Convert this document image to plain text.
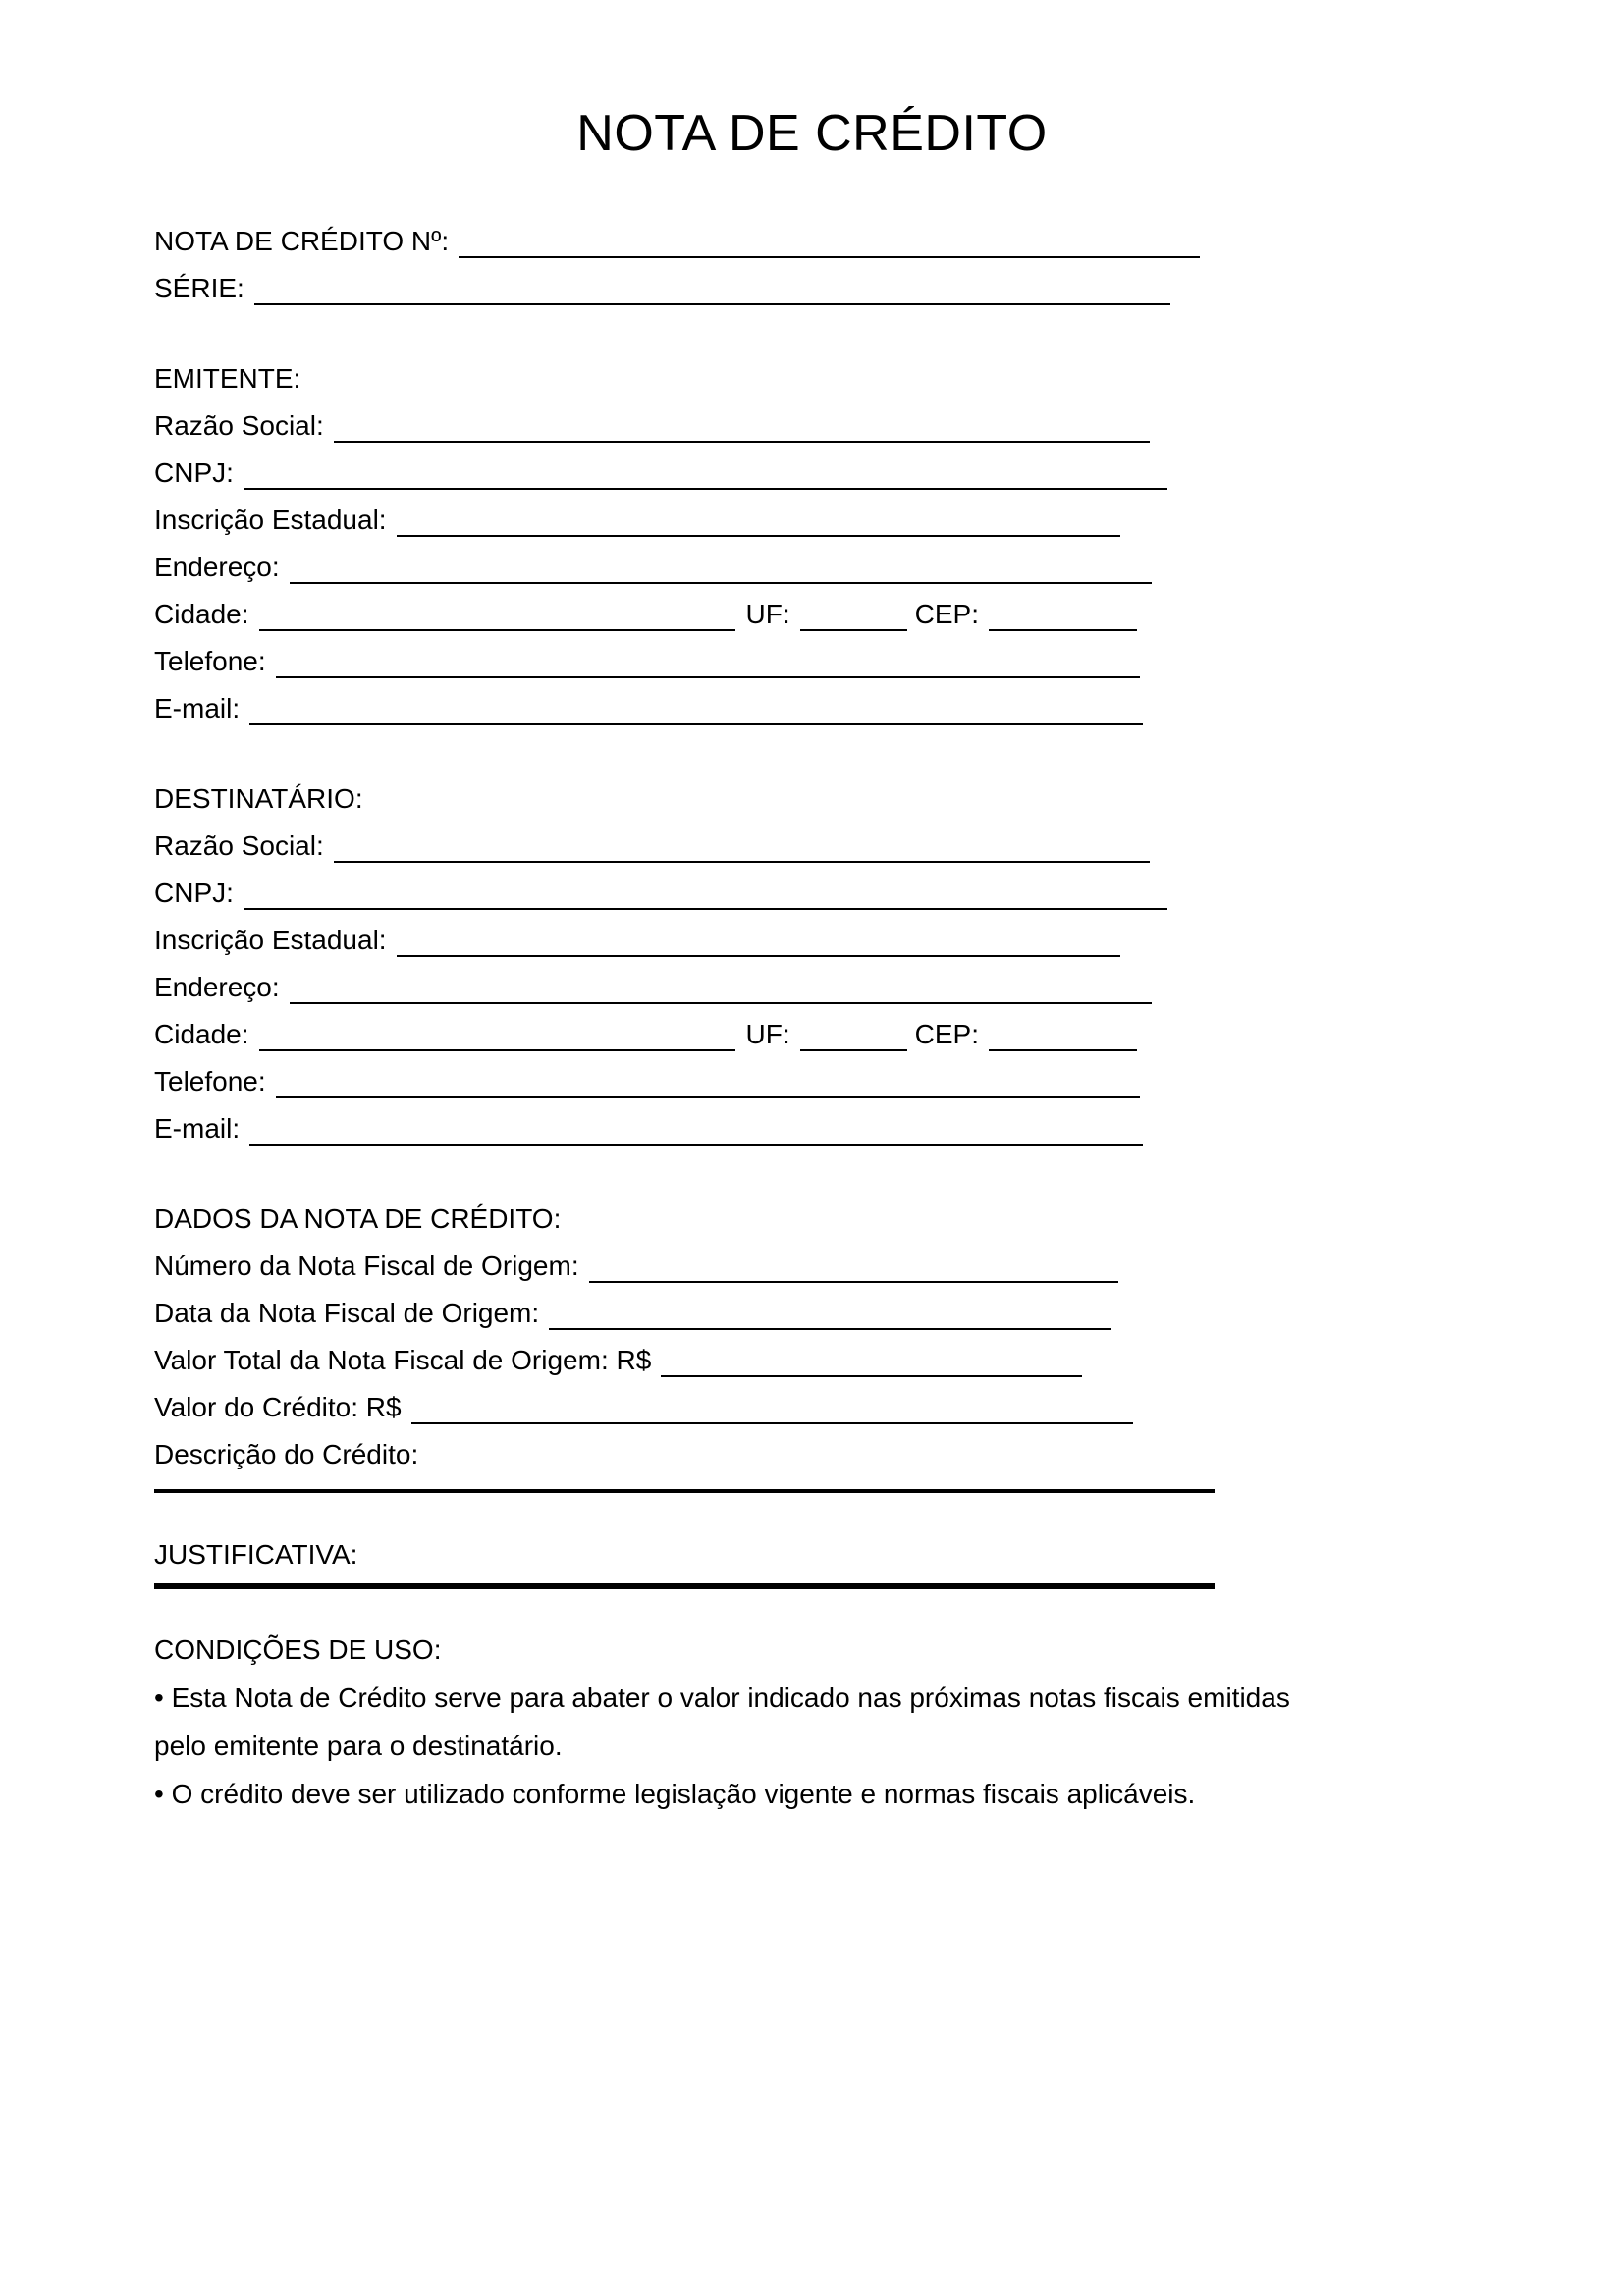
NOTA DE CRÉDITO
NOTA DE CRÉDITO Nº:
SÉRIE:
EMITENTE:
Razão Social:
CNPJ:
Inscrição Estadual:
Endereço:
Cidade:	UF:	CEP:
Telefone:
E-mail:
DESTINATÁRIO:
Razão Social:
CNPJ:
Inscrição Estadual:
Endereço:
Cidade:	UF:	CEP:
Telefone:
E-mail:
DADOS DA NOTA DE CRÉDITO:
Número da Nota Fiscal de Origem:
Data da Nota Fiscal de Origem:
Valor Total da Nota Fiscal de Origem: R$
Valor do Crédito: R$
Descrição do Crédito:
JUSTIFICATIVA:
CONDIÇÕES DE USO:
• Esta Nota de Crédito serve para abater o valor indicado nas próximas notas fiscais emitidas
pelo emitente para o destinatário.
• O crédito deve ser utilizado conforme legislação vigente e normas fiscais aplicáveis.
